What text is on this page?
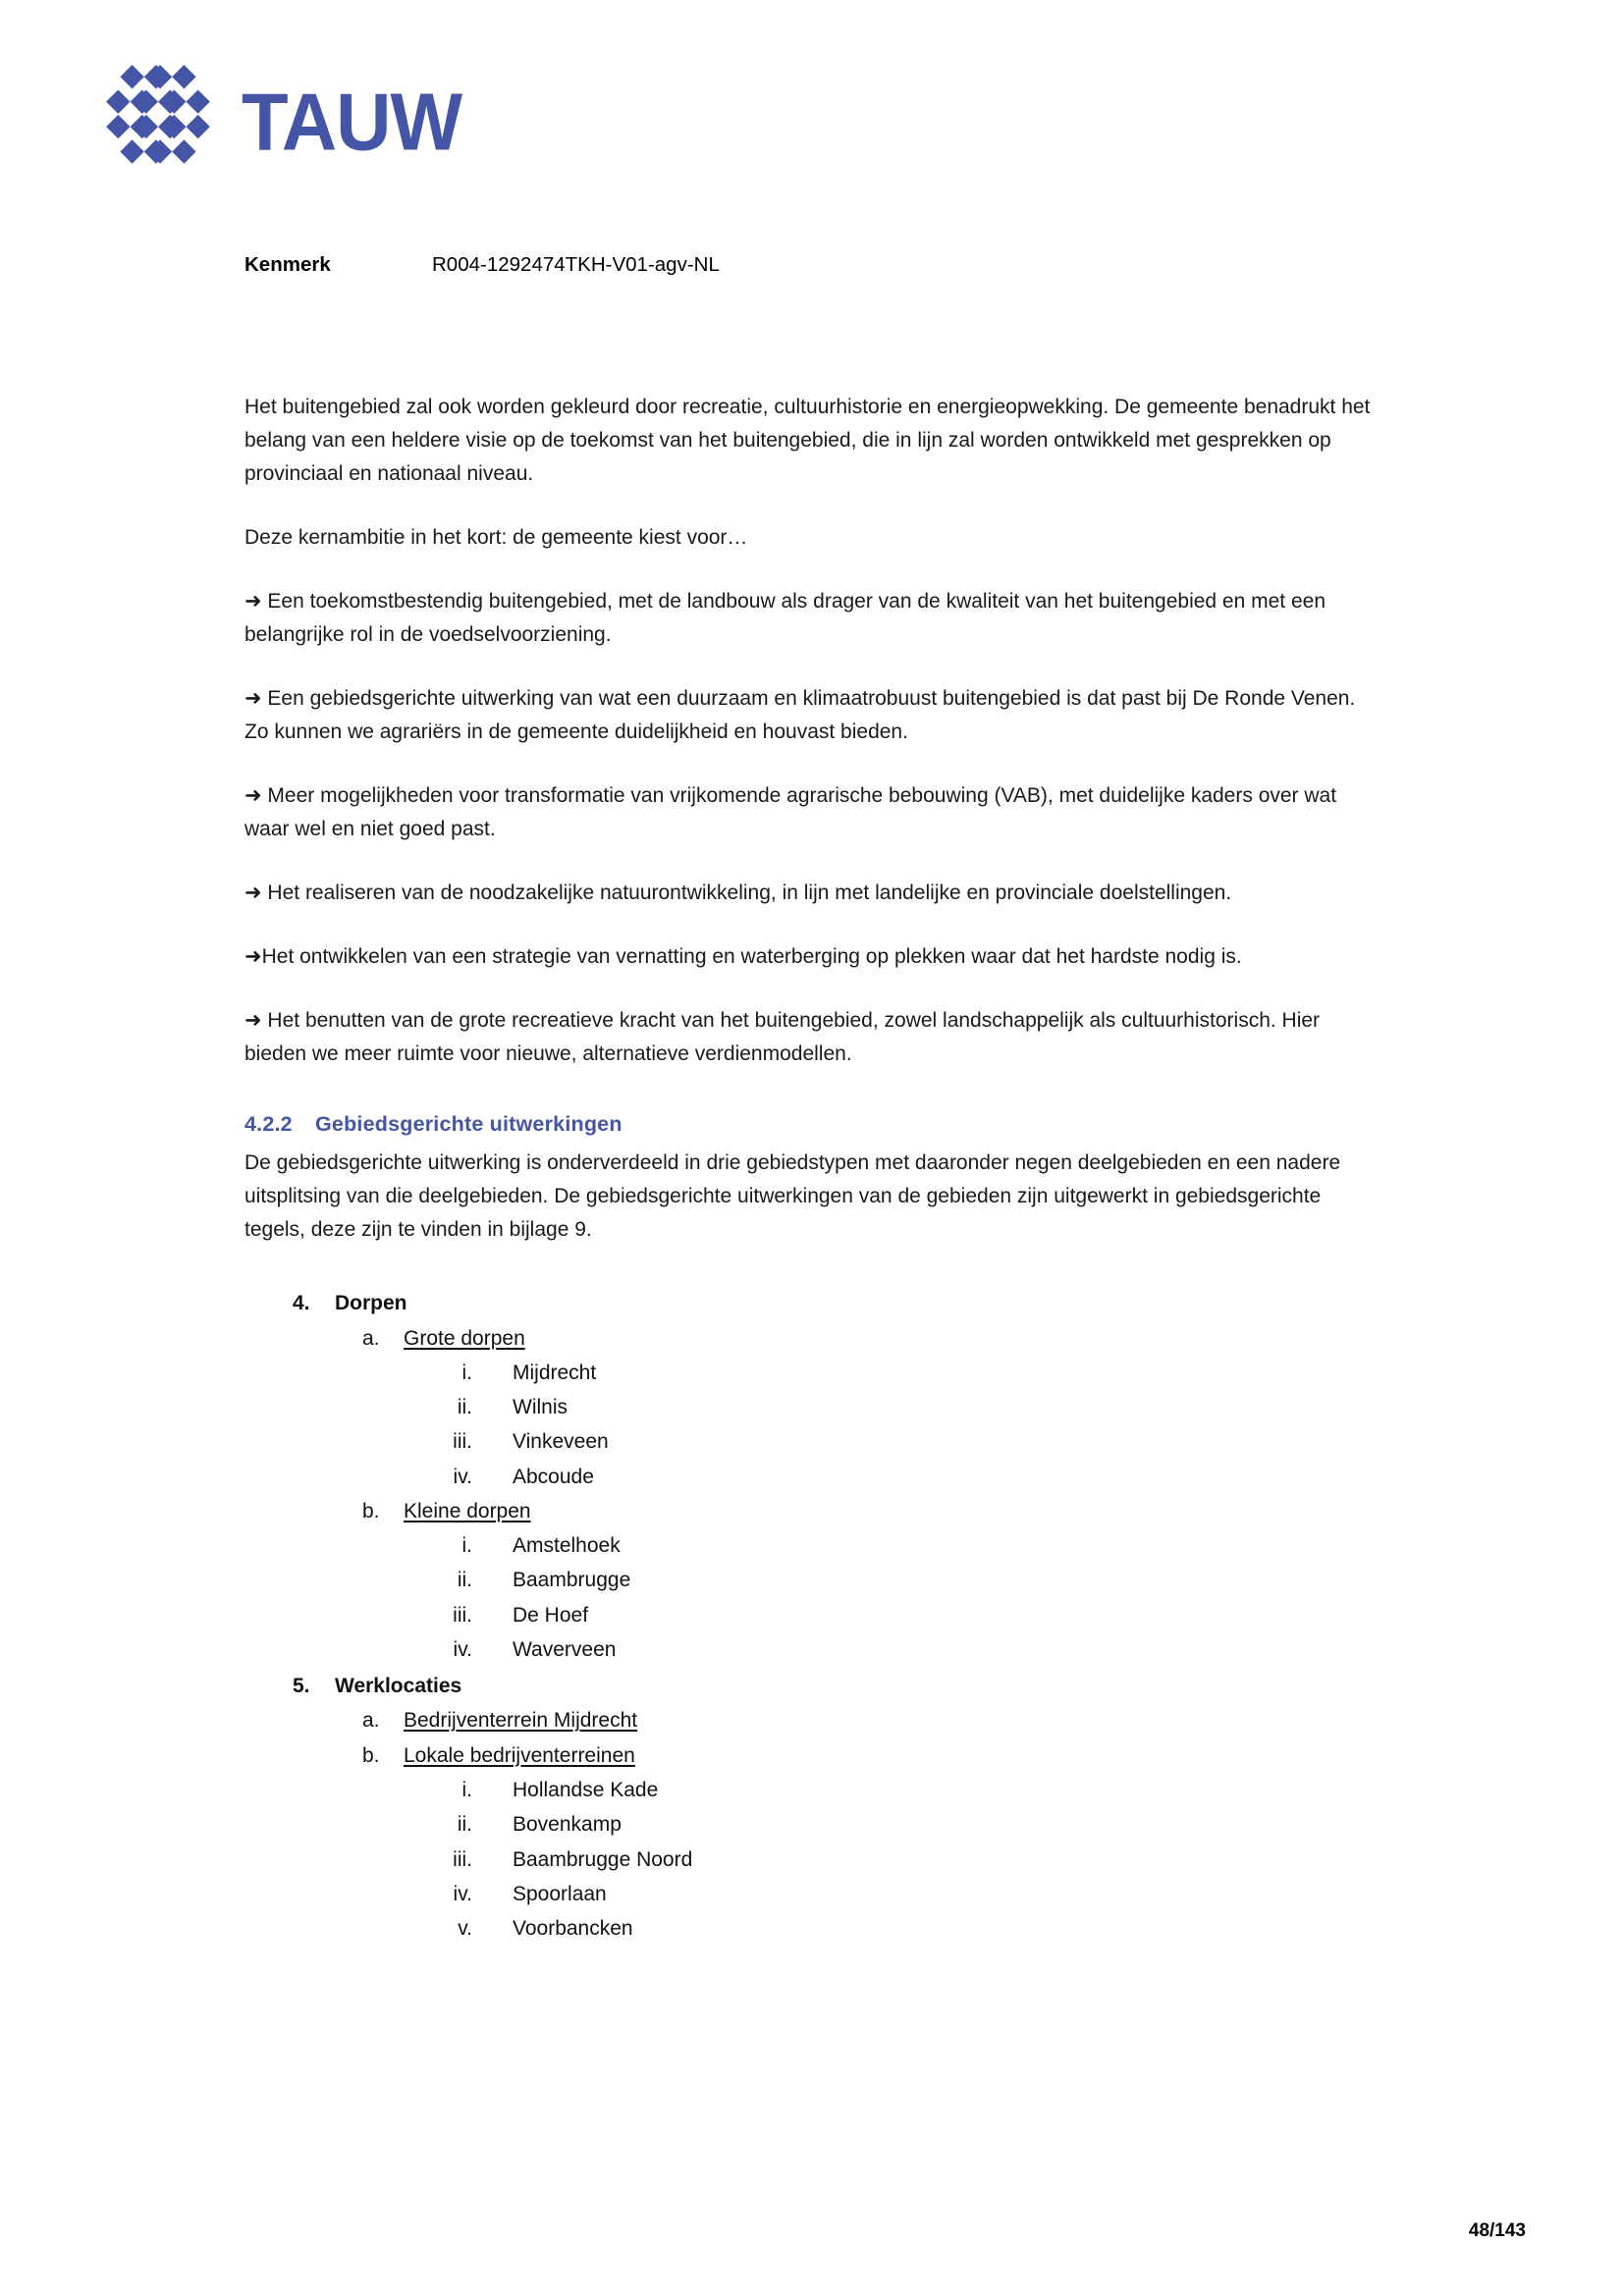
TAUW
Kenmerk	R004-1292474TKH-V01-agv-NL

Het buitengebied zal ook worden gekleurd door recreatie, cultuurhistorie en energieopwekking. De gemeente benadrukt het belang van een heldere visie op de toekomst van het buitengebied, die in lijn zal worden ontwikkeld met gesprekken op provinciaal en nationaal niveau.

Deze kernambitie in het kort: de gemeente kiest voor…

➜ Een toekomstbestendig buitengebied, met de landbouw als drager van de kwaliteit van het buitengebied en met een belangrijke rol in de voedselvoorziening.

➜ Een gebiedsgerichte uitwerking van wat een duurzaam en klimaatrobuust buitengebied is dat past bij De Ronde Venen. Zo kunnen we agrariërs in de gemeente duidelijkheid en houvast bieden.

➜ Meer mogelijkheden voor transformatie van vrijkomende agrarische bebouwing (VAB), met duidelijke kaders over wat waar wel en niet goed past.

➜ Het realiseren van de noodzakelijke natuurontwikkeling, in lijn met landelijke en provinciale doelstellingen.

➜Het ontwikkelen van een strategie van vernatting en waterberging op plekken waar dat het hardste nodig is.

➜ Het benutten van de grote recreatieve kracht van het buitengebied, zowel landschappelijk als cultuurhistorisch. Hier bieden we meer ruimte voor nieuwe, alternatieve verdienmodellen.

4.2.2	Gebiedsgerichte uitwerkingen

De gebiedsgerichte uitwerking is onderverdeeld in drie gebiedstypen met daaronder negen deelgebieden en een nadere uitsplitsing van die deelgebieden. De gebiedsgerichte uitwerkingen van de gebieden zijn uitgewerkt in gebiedsgerichte tegels, deze zijn te vinden in bijlage 9.

4.	Dorpen
a.	Grote dorpen
i.	Mijdrecht
ii.	Wilnis
iii.	Vinkeveen
iv.	Abcoude
b.	Kleine dorpen
i.	Amstelhoek
ii.	Baambrugge
iii.	De Hoef
iv.	Waverveen
5.	Werklocaties
a.	Bedrijventerrein Mijdrecht
b.	Lokale bedrijventerreinen
i.	Hollandse Kade
ii.	Bovenkamp
iii.	Baambrugge Noord
iv.	Spoorlaan
v.	Voorbancken
48/143
